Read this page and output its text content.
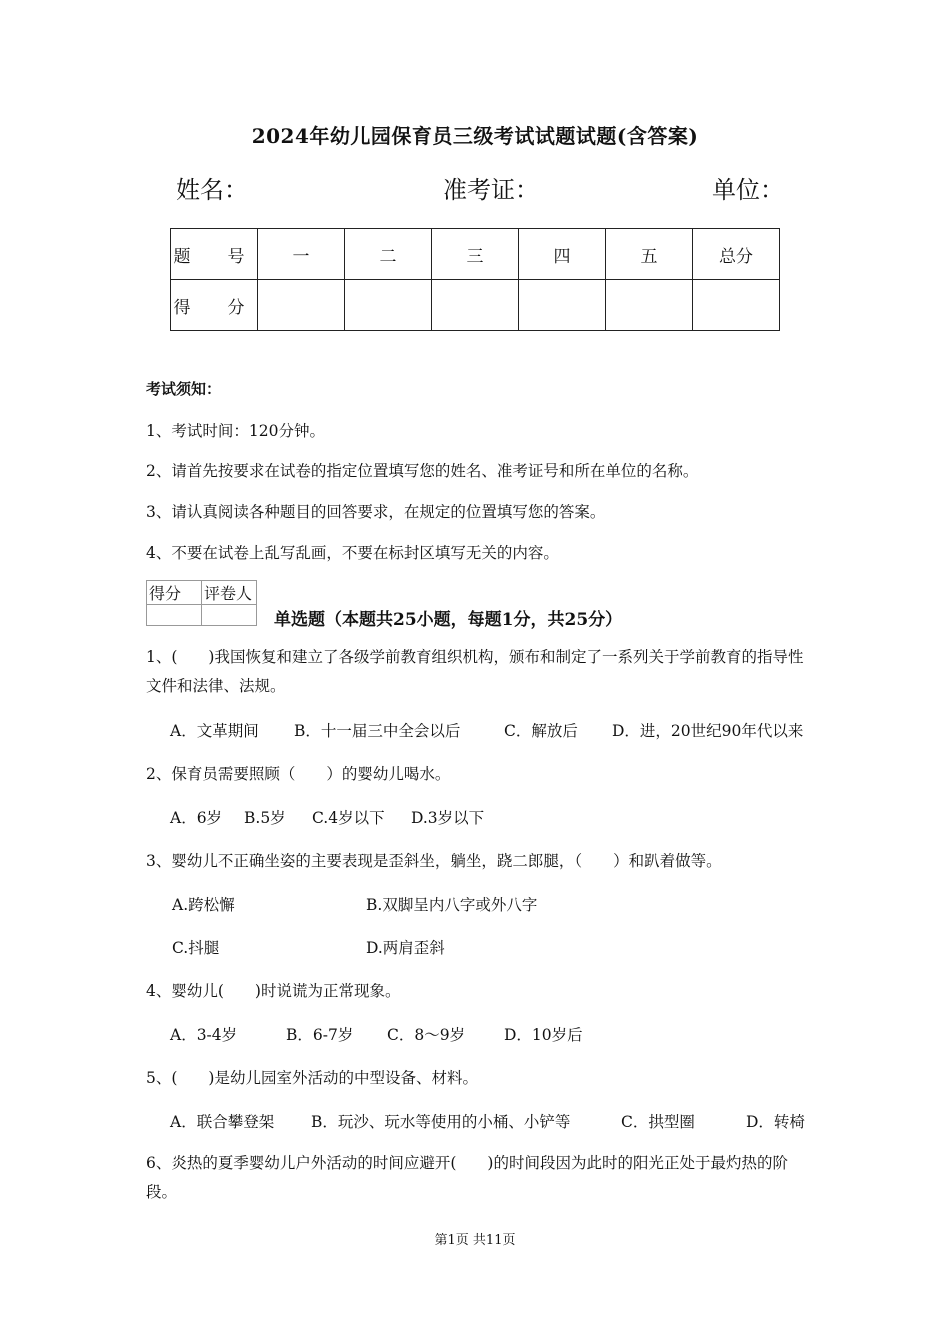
2024年幼儿园保育员三级考试试题试题(含答案)
姓名：	准考证：	单位：
题　号	一	二	三	四	五	总分
得　分						
考试须知：
1、考试时间：120分钟。
2、请首先按要求在试卷的指定位置填写您的姓名、准考证号和所在单位的名称。
3、请认真阅读各种题目的回答要求，在规定的位置填写您的答案。
4、不要在试卷上乱写乱画，不要在标封区填写无关的内容。
得分	评卷人

单选题（本题共25小题，每题1分，共25分）
1、(　　)我国恢复和建立了各级学前教育组织机构，颁布和制定了一系列关于学前教育的指导性文件和法律、法规。
A．文革期间 B．十一届三中全会以后	C．解放后 D．进，20世纪90年代以来
2、保育员需要照顾（　　）的婴幼儿喝水。
A．6岁 B.5岁 C.4岁以下 D.3岁以下
3、婴幼儿不正确坐姿的主要表现是歪斜坐，躺坐，跷二郎腿，（　　）和趴着做等。
A.跨松懈	B.双脚呈内八字或外八字
C.抖腿	D.两肩歪斜
4、婴幼儿(　　)时说谎为正常现象。
A．3-4岁	B．6-7岁 C．8～9岁	D．10岁后
5、(　　)是幼儿园室外活动的中型设备、材料。
A．联合攀登架 B．玩沙、玩水等使用的小桶、小铲等	C．拱型圈	D．转椅
6、炎热的夏季婴幼儿户外活动的时间应避开(　　)的时间段因为此时的阳光正处于最灼热的阶段。
第1页 共11页
